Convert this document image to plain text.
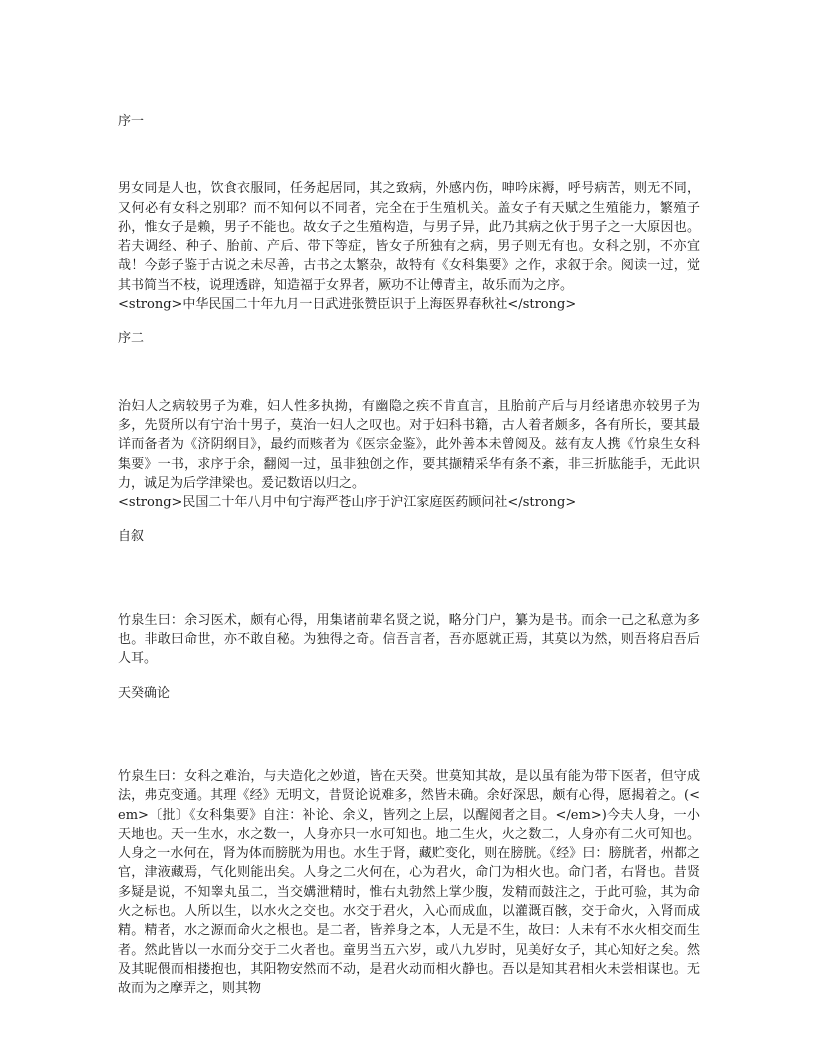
序一

男女同是人也，饮食衣服同，任务起居同，其之致病，外感内伤，呻吟床褥，呼号病苦，则无不同，又何必有女科之别耶？而不知何以不同者，完全在于生殖机关。盖女子有天赋之生殖能力，繁殖子孙，惟女子是赖，男子不能也。故女子之生殖构造，与男子异，此乃其病之伙于男子之一大原因也。若夫调经、种子、胎前、产后、带下等症，皆女子所独有之病，男子则无有也。女科之别，不亦宜哉！今彭子鉴于古说之未尽善，古书之太繁杂，故特有《女科集要》之作，求叙于余。阅读一过，觉其书简当不枝，说理透辟，知造福于女界者，厥功不让傅青主，故乐而为之序。

<strong>中华民国二十年九月一日武进张赞臣识于上海医界春秋社</strong>

序二

治妇人之病较男子为难，妇人性多执拗，有幽隐之疾不肯直言，且胎前产后与月经诸患亦较男子为多，先贤所以有宁治十男子，莫治一妇人之叹也。对于妇科书籍，古人着者颇多，各有所长，要其最详而备者为《济阴纲目》，最约而赅者为《医宗金鉴》，此外善本未曾阅及。兹有友人携《竹泉生女科集要》一书，求序于余，翻阅一过，虽非独创之作，要其撷精采华有条不紊，非三折肱能手，无此识力，诚足为后学津梁也。爰记数语以归之。

<strong>民国二十年八月中旬宁海严苍山序于沪江家庭医药顾问社</strong>

自叙

竹泉生曰：余习医术，颇有心得，用集诸前辈名贤之说，略分门户，纂为是书。而余一己之私意为多也。非敢曰命世，亦不敢自秘。为独得之奇。信吾言者，吾亦愿就正焉，其莫以为然，则吾将启吾后人耳。

天癸确论

竹泉生曰：女科之难治，与夫造化之妙道，皆在天癸。世莫知其故，是以虽有能为带下医者，但守成法，弗克变通。其理《经》无明文，昔贤论说难多，然皆未确。余好深思，颇有心得，愿揭着之。(<em>〔批〕《女科集要》自注：补论、余义，皆列之上层，以醒阅者之目。</em>)今夫人身，一小天地也。天一生水，水之数一，人身亦只一水可知也。地二生火，火之数二，人身亦有二火可知也。人身之一水何在，肾为体而膀胱为用也。水生于肾，藏贮变化，则在膀胱。《经》曰：膀胱者，州都之官，津液藏焉，气化则能出矣。人身之二火何在，心为君火，命门为相火也。命门者，右肾也。昔贤多疑是说，不知睾丸虽二，当交媾泄精时，惟右丸勃然上掌少腹，发精而鼓注之，于此可验，其为命火之标也。人所以生，以水火之交也。水交于君火，入心而成血，以灌溉百骸，交于命火，入肾而成精。精者，水之源而命火之根也。是二者，皆养身之本，人无是不生，故曰：人未有不水火相交而生者。然此皆以一水而分交于二火者也。童男当五六岁，或八九岁时，见美好女子，其心知好之矣。然及其昵偎而相搂抱也，其阳物安然而不动，是君火动而相火静也。吾以是知其君相火未尝相谋也。无故而为之摩弄之，则其物
